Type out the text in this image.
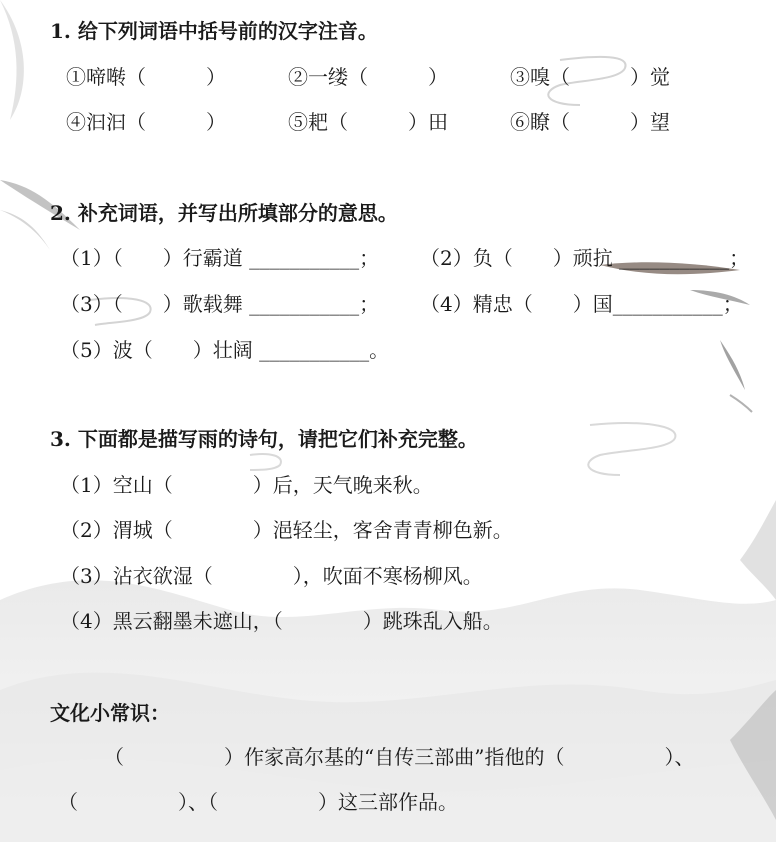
1. 给下列词语中括号前的汉字注音。
①啼啭（　　　）	②一缕（　　　）	③嗅（　　　）觉
④汩汩（　　　）	⑤耙（　　　）田	⑥瞭（　　　）望
2. 补充词语，并写出所填部分的意思。
（1）（　　）行霸道 ___________； （2）负（　　）顽抗 ___________；
（3）（　　）歌载舞 ___________； （4）精忠（　　）国___________；
（5）波（　　）壮阔 ___________。
3. 下面都是描写雨的诗句，请把它们补充完整。
（1）空山（　　　　）后，天气晚来秋。
（2）渭城（　　　　）浥轻尘，客舍青青柳色新。
（3）沾衣欲湿（　　　　），吹面不寒杨柳风。
（4）黑云翻墨未遮山，（　　　　）跳珠乱入船。
文化小常识：
（　　　　　）作家高尔基的“自传三部曲”指他的（　　　　　）、
（　　　　　）、（　　　　　）这三部作品。
